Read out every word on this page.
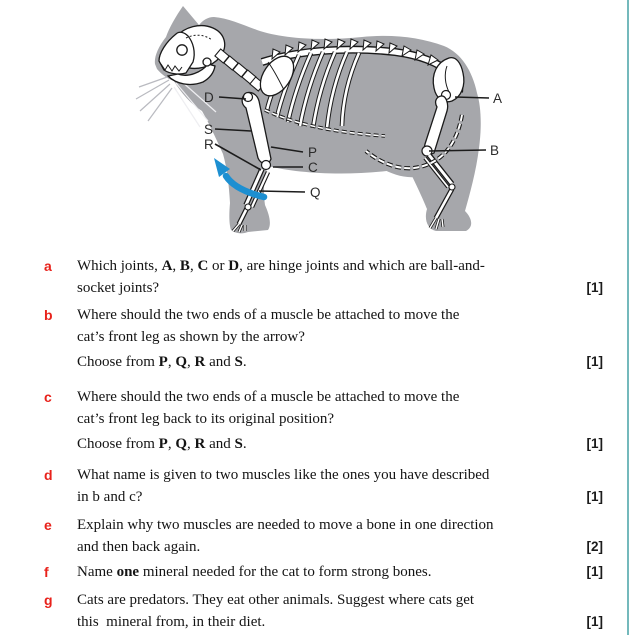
D
S
R
P
C
Q
A
B
a	Which joints, A, B, C or D, are hinge joints and which are ball-and-
socket joints?	[1]
b	Where should the two ends of a muscle be attached to move the
cat’s front leg as shown by the arrow?
Choose from P, Q, R and S.	[1]
c	Where should the two ends of a muscle be attached to move the
cat’s front leg back to its original position?
Choose from P, Q, R and S.	[1]
d	What name is given to two muscles like the ones you have described
in b and c?	[1]
e	Explain why two muscles are needed to move a bone in one direction
and then back again.	[2]
f	Name one mineral needed for the cat to form strong bones.	[1]
g	Cats are predators. They eat other animals. Suggest where cats get
this  mineral from, in their diet.	[1]
